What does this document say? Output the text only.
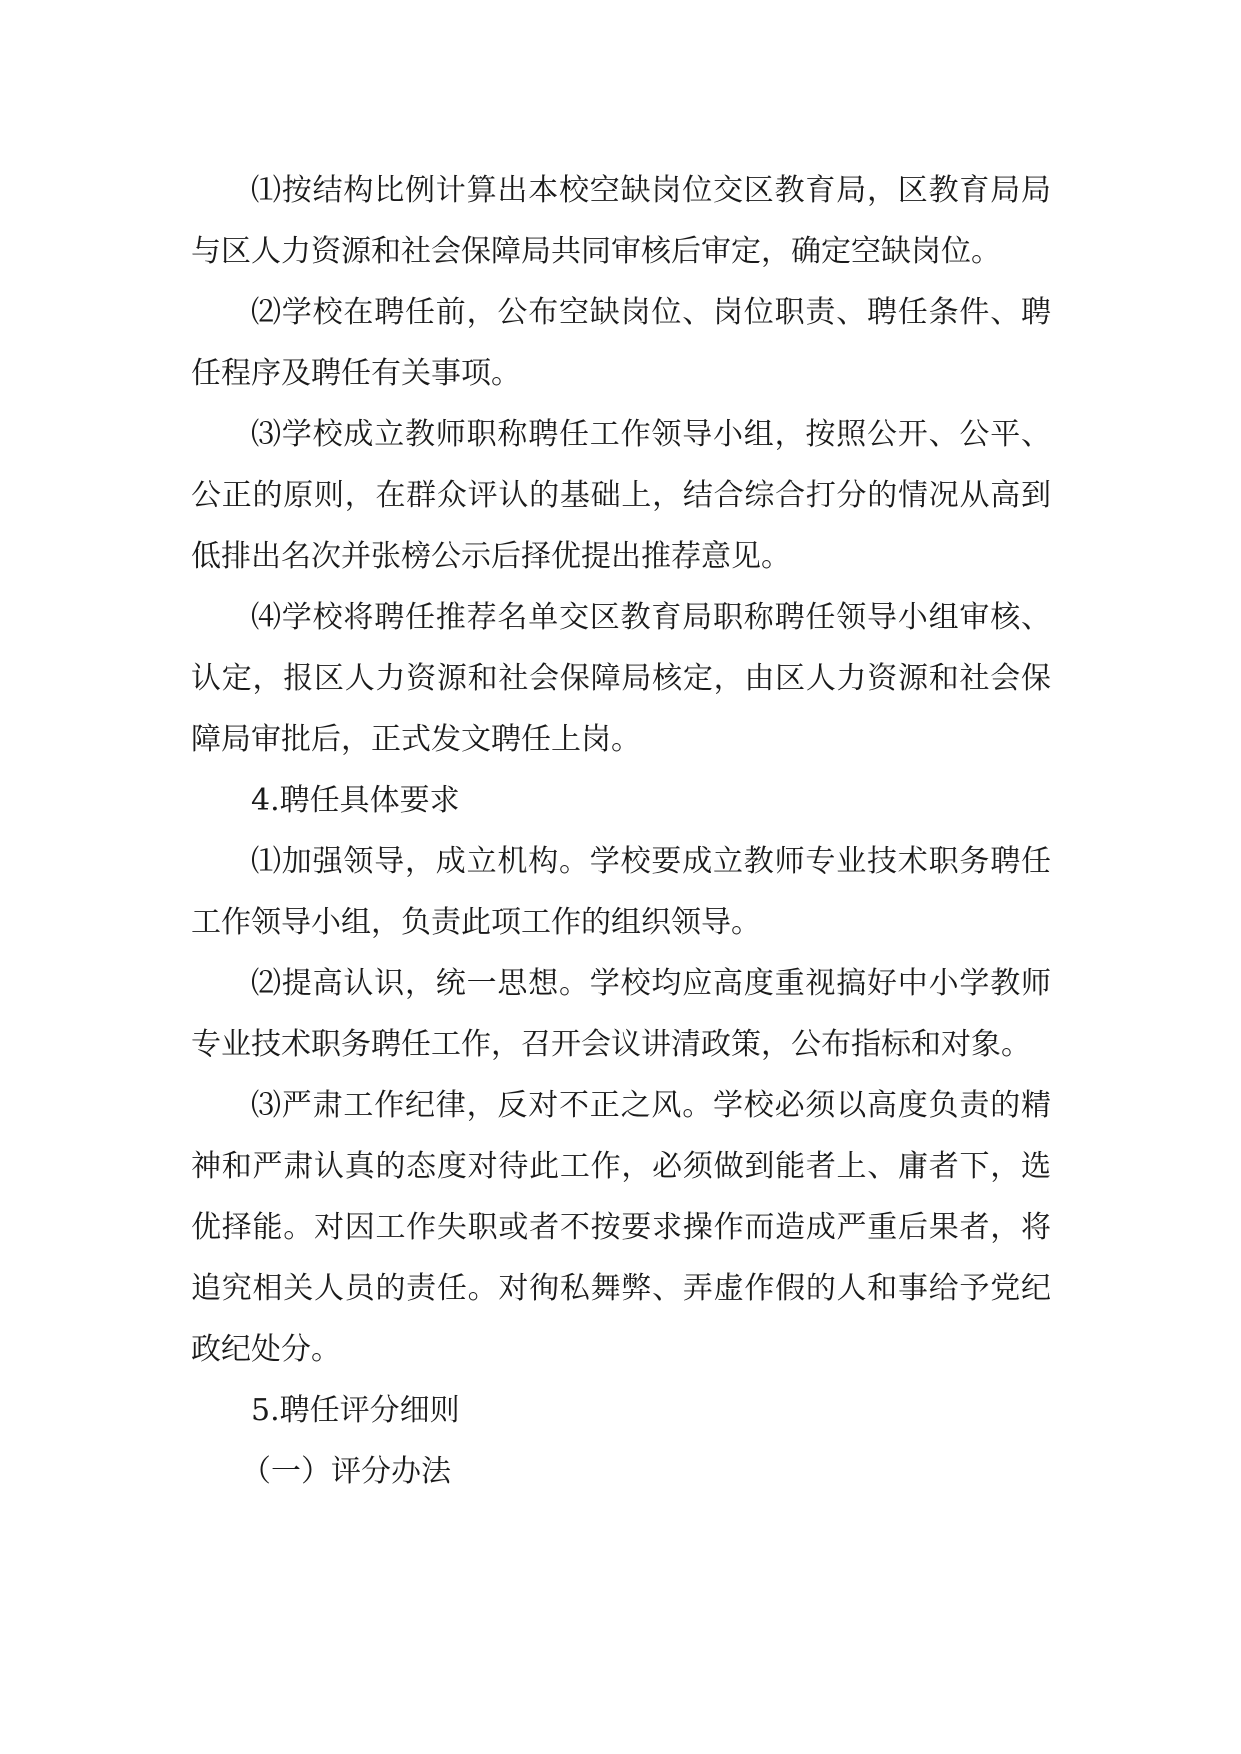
⑴按结构比例计算出本校空缺岗位交区教育局，区教育局局与区人力资源和社会保障局共同审核后审定，确定空缺岗位。

⑵学校在聘任前，公布空缺岗位、岗位职责、聘任条件、聘任程序及聘任有关事项。

⑶学校成立教师职称聘任工作领导小组，按照公开、公平、公正的原则，在群众评认的基础上，结合综合打分的情况从高到低排出名次并张榜公示后择优提出推荐意见。

⑷学校将聘任推荐名单交区教育局职称聘任领导小组审核、认定，报区人力资源和社会保障局核定，由区人力资源和社会保障局审批后，正式发文聘任上岗。

4.聘任具体要求

⑴加强领导，成立机构。学校要成立教师专业技术职务聘任工作领导小组，负责此项工作的组织领导。

⑵提高认识，统一思想。学校均应高度重视搞好中小学教师专业技术职务聘任工作，召开会议讲清政策，公布指标和对象。

⑶严肃工作纪律，反对不正之风。学校必须以高度负责的精神和严肃认真的态度对待此工作，必须做到能者上、庸者下，选优择能。对因工作失职或者不按要求操作而造成严重后果者，将追究相关人员的责任。对徇私舞弊、弄虚作假的人和事给予党纪政纪处分。

5.聘任评分细则

（一）评分办法
